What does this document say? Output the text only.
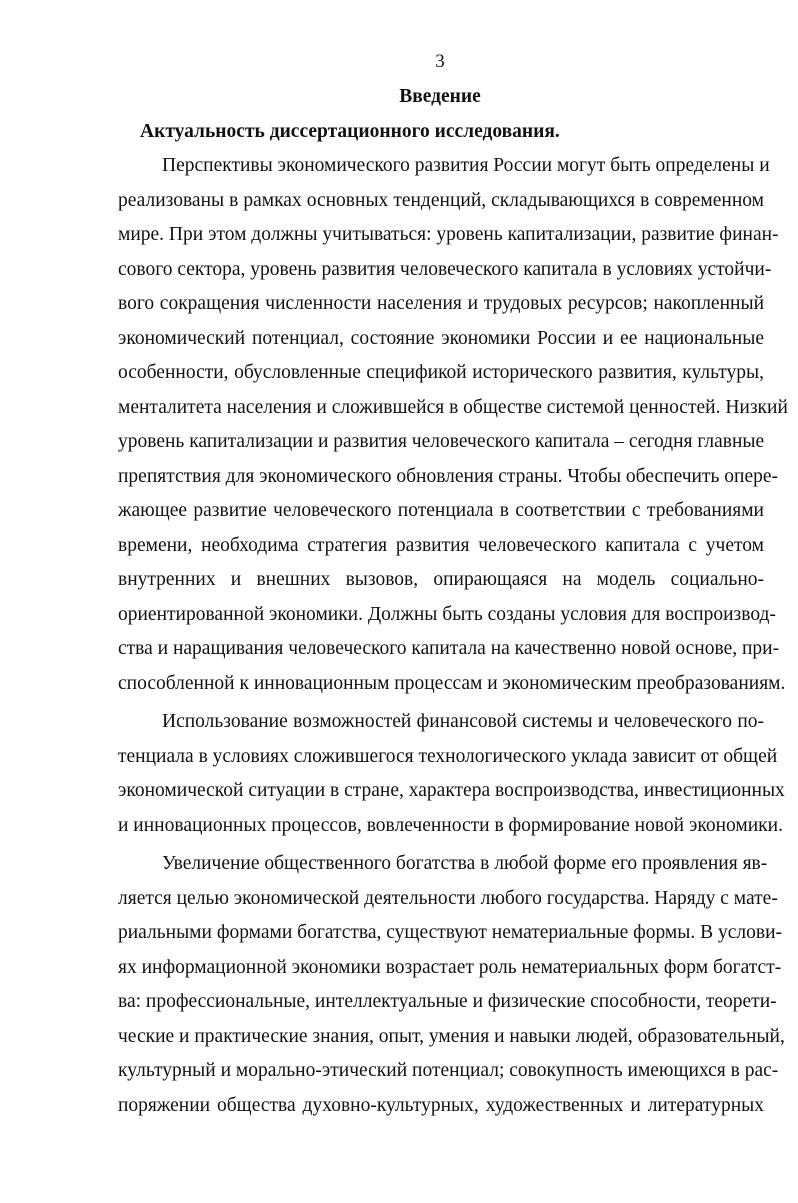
3
Введение
Актуальность диссертационного исследования.
Перспективы экономического развития России могут быть определены и
реализованы в рамках основных тенденций, складывающихся в современном
мире. При этом должны учитываться: уровень капитализации, развитие финан-
сового сектора, уровень развития человеческого капитала в условиях устойчи-
вого сокращения численности населения и трудовых ресурсов; накопленный
экономический потенциал, состояние экономики России и ее национальные
особенности, обусловленные спецификой исторического развития, культуры,
менталитета населения и сложившейся в обществе системой ценностей. Низкий
уровень капитализации и развития человеческого капитала – сегодня главные
препятствия для экономического обновления страны. Чтобы обеспечить опере-
жающее развитие человеческого потенциала в соответствии с требованиями
времени, необходима стратегия развития человеческого капитала с учетом
внутренних и внешних вызовов, опирающаяся на модель социально-
ориентированной экономики. Должны быть созданы условия для воспроизвод-
ства и наращивания человеческого капитала на качественно новой основе, при-
способленной к инновационным процессам и экономическим преобразованиям.
Использование возможностей финансовой системы и человеческого по-
тенциала в условиях сложившегося технологического уклада зависит от общей
экономической ситуации в стране, характера воспроизводства, инвестиционных
и инновационных процессов, вовлеченности в формирование новой экономики.
Увеличение общественного богатства в любой форме его проявления яв-
ляется целью экономической деятельности любого государства. Наряду с мате-
риальными формами богатства, существуют нематериальные формы. В услови-
ях информационной экономики возрастает роль нематериальных форм богатст-
ва: профессиональные, интеллектуальные и физические способности, теорети-
ческие и практические знания, опыт, умения и навыки людей, образовательный,
культурный и морально-этический потенциал; совокупность имеющихся в рас-
поряжении общества духовно-культурных, художественных и литературных
